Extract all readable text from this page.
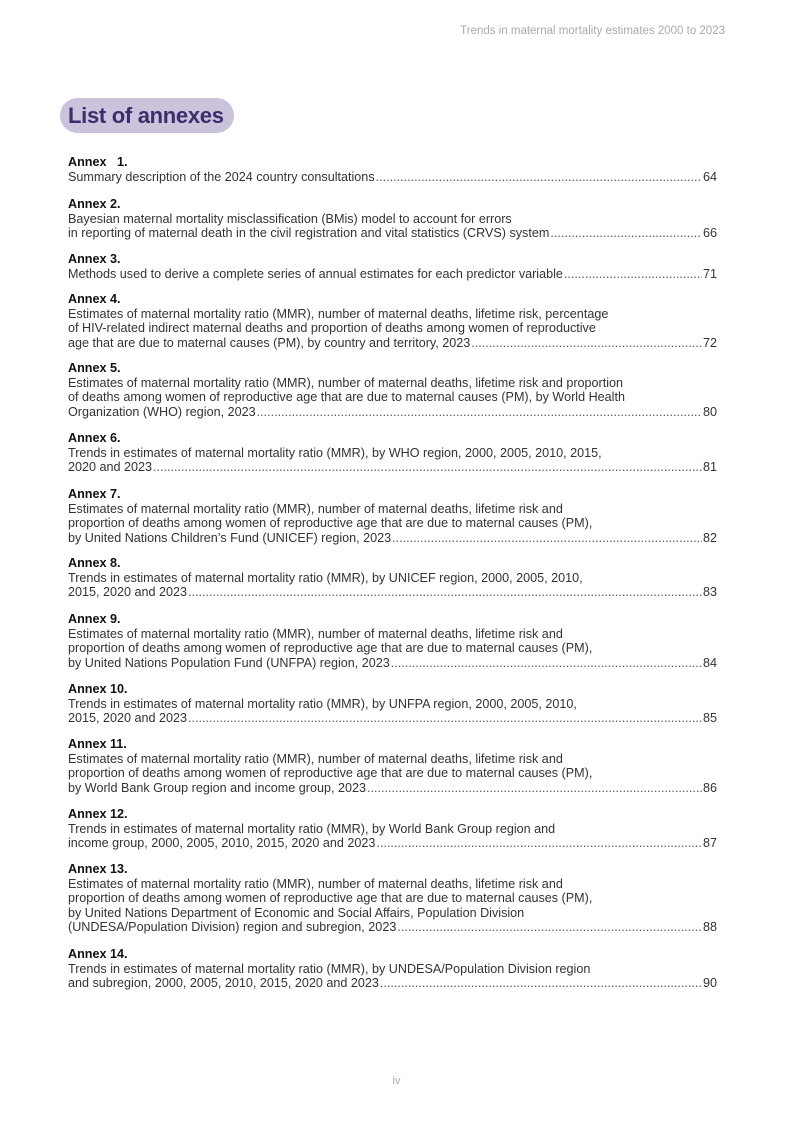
Trends in maternal mortality estimates 2000 to 2023
List of annexes
Annex   1.
Summary description of the 2024 country consultations .....	64
Annex 2.
Bayesian maternal mortality misclassification (BMis) model to account for errors
in reporting of maternal death in the civil registration and vital statistics (CRVS) system .....	66
Annex 3.
Methods used to derive a complete series of annual estimates for each predictor variable .....	71
Annex 4.
Estimates of maternal mortality ratio (MMR), number of maternal deaths, lifetime risk, percentage
of HIV-related indirect maternal deaths and proportion of deaths among women of reproductive
age that are due to maternal causes (PM), by country and territory, 2023 .....	72
Annex 5.
Estimates of maternal mortality ratio (MMR), number of maternal deaths, lifetime risk and proportion
of deaths among women of reproductive age that are due to maternal causes (PM), by World Health
Organization (WHO) region, 2023 .....	80
Annex 6.
Trends in estimates of maternal mortality ratio (MMR), by WHO region, 2000, 2005, 2010, 2015,
2020 and 2023 .....	81
Annex 7.
Estimates of maternal mortality ratio (MMR), number of maternal deaths, lifetime risk and
proportion of deaths among women of reproductive age that are due to maternal causes (PM),
by United Nations Children’s Fund (UNICEF) region, 2023 .....	82
Annex 8.
Trends in estimates of maternal mortality ratio (MMR), by UNICEF region, 2000, 2005, 2010,
2015, 2020 and 2023 .....	83
Annex 9.
Estimates of maternal mortality ratio (MMR), number of maternal deaths, lifetime risk and
proportion of deaths among women of reproductive age that are due to maternal causes (PM),
by United Nations Population Fund (UNFPA) region, 2023 .....	84
Annex 10.
Trends in estimates of maternal mortality ratio (MMR), by UNFPA region, 2000, 2005, 2010,
2015, 2020 and 2023 .....	85
Annex 11.
Estimates of maternal mortality ratio (MMR), number of maternal deaths, lifetime risk and
proportion of deaths among women of reproductive age that are due to maternal causes (PM),
by World Bank Group region and income group, 2023 .....	86
Annex 12.
Trends in estimates of maternal mortality ratio (MMR), by World Bank Group region and
income group, 2000, 2005, 2010, 2015, 2020 and 2023 .....	87
Annex 13.
Estimates of maternal mortality ratio (MMR), number of maternal deaths, lifetime risk and
proportion of deaths among women of reproductive age that are due to maternal causes (PM),
by United Nations Department of Economic and Social Affairs, Population Division
(UNDESA/Population Division) region and subregion, 2023 .....	88
Annex 14.
Trends in estimates of maternal mortality ratio (MMR), by UNDESA/Population Division region
and subregion, 2000, 2005, 2010, 2015, 2020 and 2023 .....	90
iv
